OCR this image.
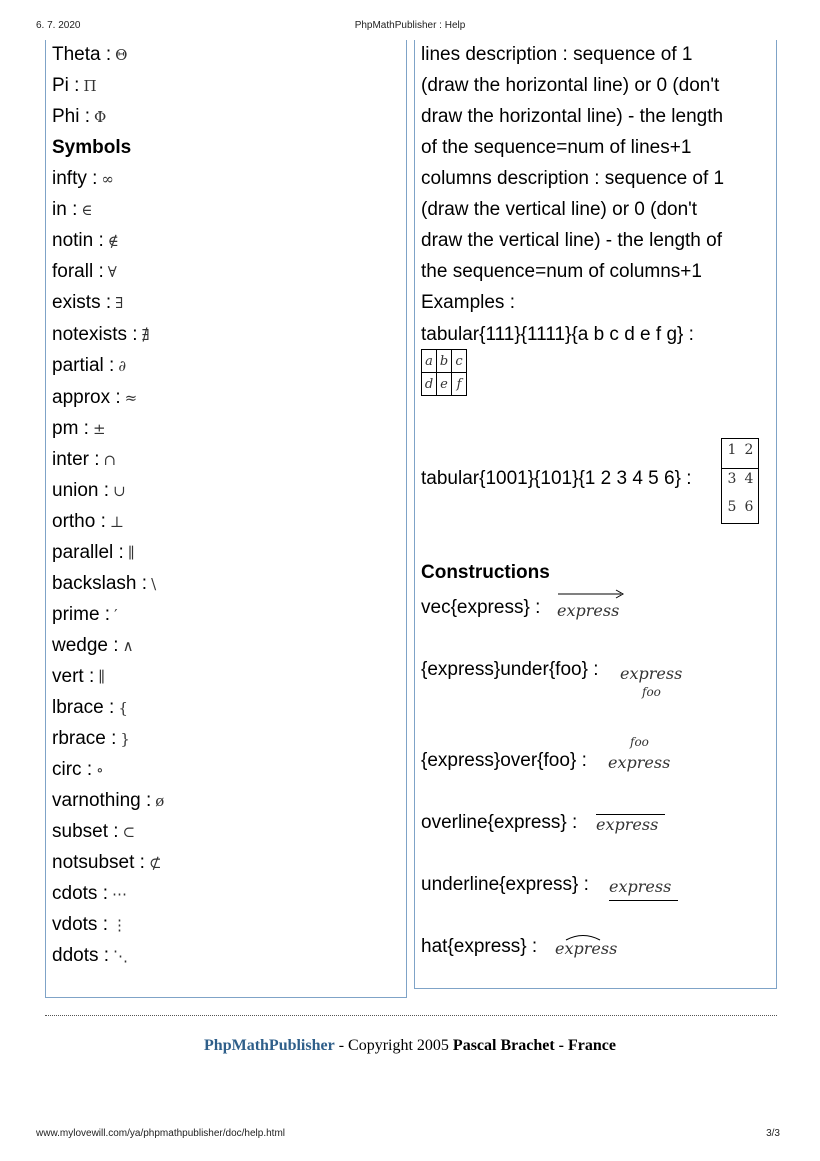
6. 7. 2020	PhpMathPublisher : Help
Theta : Θ
Pi : Π
Phi : Φ
Symbols
infty : ∞
in : ∈
notin : ∉
forall : ∀
exists : ∃
notexists : ∄
partial : ∂
approx : ≈
pm : ±
inter : ∩
union : ∪
ortho : ⊥
parallel : ∥
backslash : \
prime : ′
wedge : ∧
vert : ∥
lbrace : {
rbrace : }
circ : ∘
varnothing : ø
subset : ⊂
notsubset : ⊄
cdots : ⋯
vdots : ⋮
ddots : ⋱
lines description : sequence of 1
(draw the horizontal line) or 0 (don't
draw the horizontal line) - the length
of the sequence=num of lines+1
columns description : sequence of 1
(draw the vertical line) or 0 (don't
draw the vertical line) - the length of
the sequence=num of columns+1
Examples :
tabular{111}{1111}{a b c d e f g} :
a	b	c
d	e	f
tabular{1001}{101}{1 2 3 4 5 6} :
1 2
3 4
5 6
Constructions
vec{express} : express
{express}under{foo} : express
foo
{express}over{foo} :
foo
express
overline{express} : express
underline{express} : express
hat{express} : express
PhpMathPublisher - Copyright 2005 Pascal Brachet - France
www.mylovewill.com/ya/phpmathpublisher/doc/help.html	3/3
